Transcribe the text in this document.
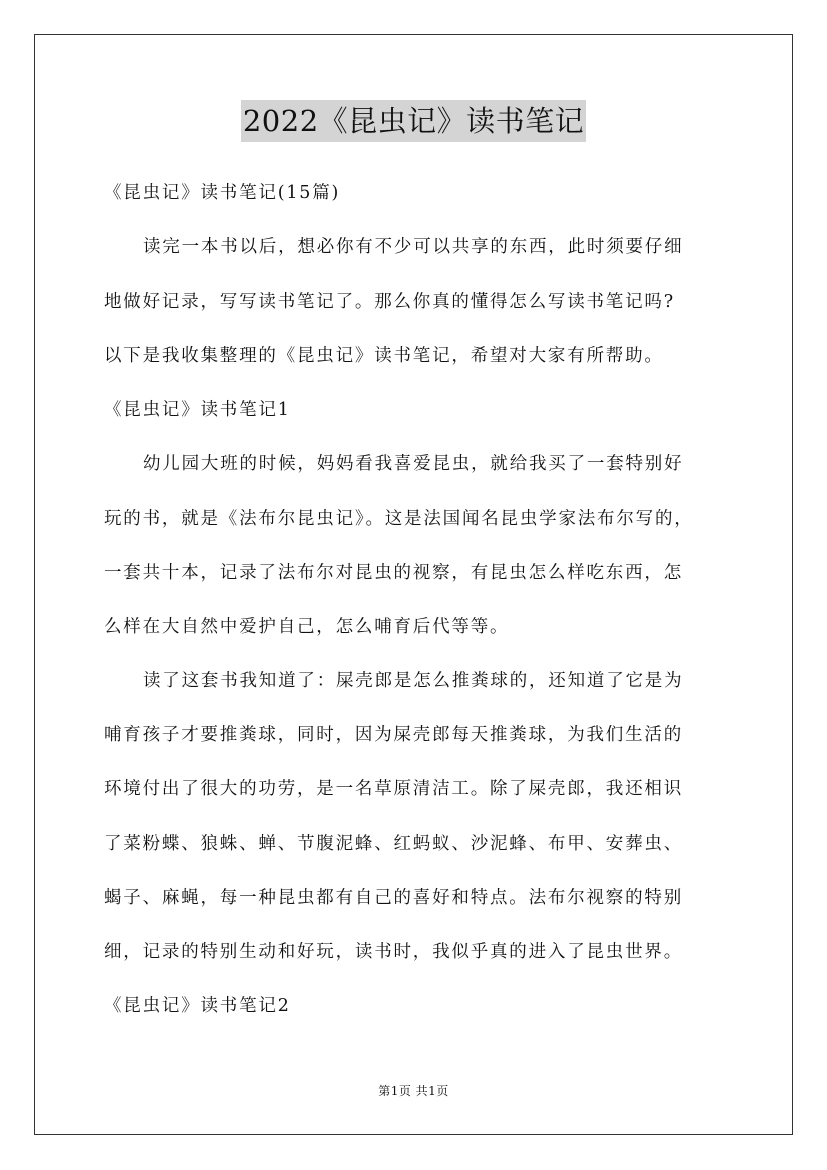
2022《昆虫记》读书笔记

《昆虫记》读书笔记(15篇)

读完一本书以后，想必你有不少可以共享的东西，此时须要仔细

地做好记录，写写读书笔记了。那么你真的懂得怎么写读书笔记吗?

以下是我收集整理的《昆虫记》读书笔记，希望对大家有所帮助。

《昆虫记》读书笔记1

幼儿园大班的时候，妈妈看我喜爱昆虫，就给我买了一套特别好

玩的书，就是《法布尔昆虫记》。这是法国闻名昆虫学家法布尔写的，

一套共十本，记录了法布尔对昆虫的视察，有昆虫怎么样吃东西，怎

么样在大自然中爱护自己，怎么哺育后代等等。

读了这套书我知道了：屎壳郎是怎么推粪球的，还知道了它是为

哺育孩子才要推粪球，同时，因为屎壳郎每天推粪球，为我们生活的

环境付出了很大的功劳，是一名草原清洁工。除了屎壳郎，我还相识

了菜粉蝶、狼蛛、蝉、节腹泥蜂、红蚂蚁、沙泥蜂、布甲、安葬虫、

蝎子、麻蝇，每一种昆虫都有自己的喜好和特点。法布尔视察的特别

细，记录的特别生动和好玩，读书时，我似乎真的进入了昆虫世界。

《昆虫记》读书笔记2

第1页 共1页
